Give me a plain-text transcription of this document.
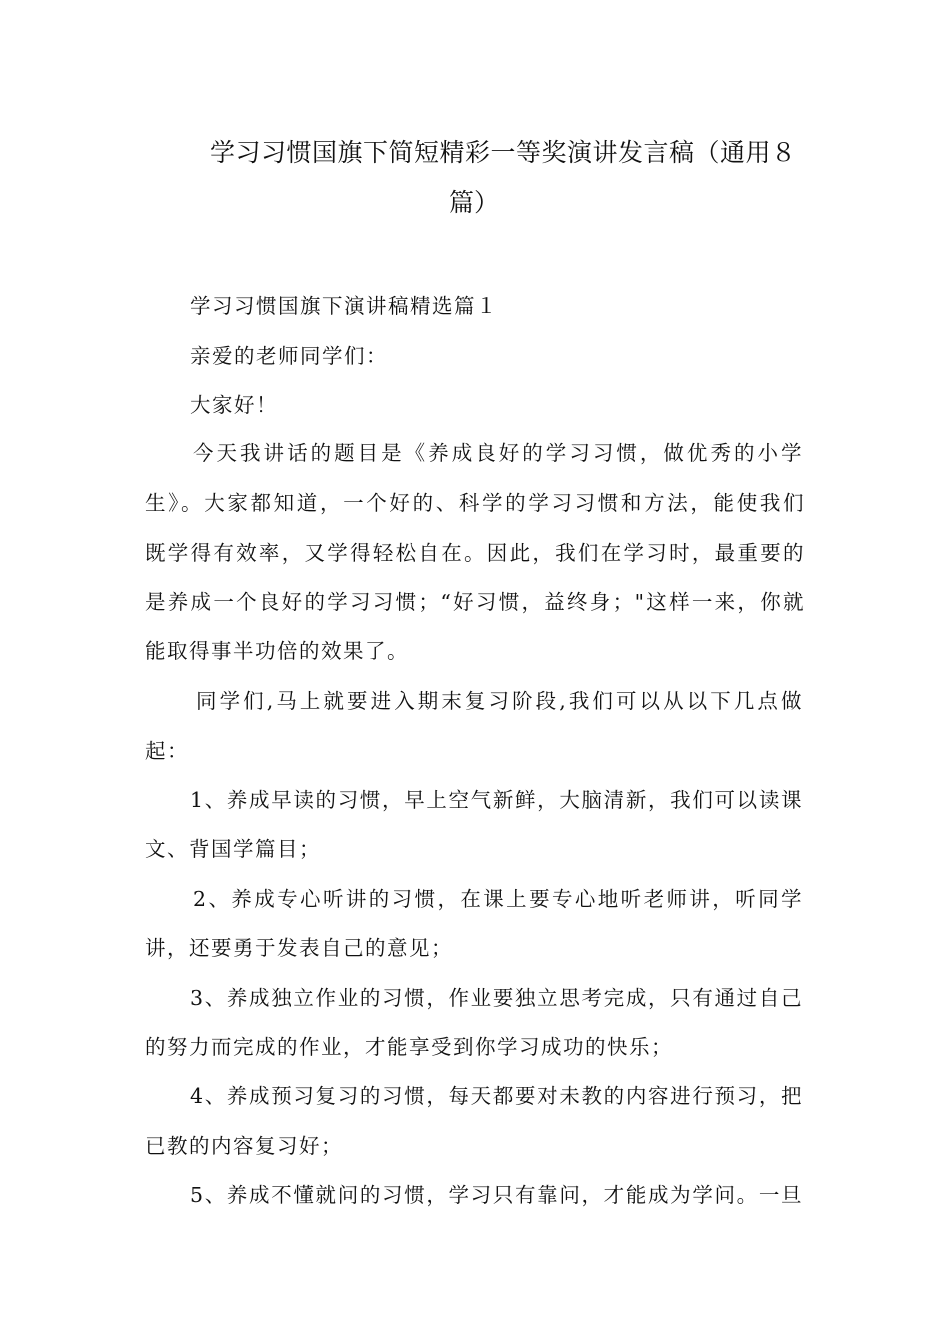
学习习惯国旗下简短精彩一等奖演讲发言稿（通用８
篇）
学习习惯国旗下演讲稿精选篇１
亲爱的老师同学们：
大家好！
今天我讲话的题目是《养成良好的学习习惯，做优秀的小学
生》。大家都知道，一个好的、科学的学习习惯和方法，能使我们
既学得有效率，又学得轻松自在。因此，我们在学习时，最重要的
是养成一个良好的学习习惯；“好习惯，益终身；"这样一来，你就
能取得事半功倍的效果了。
同学们,马上就要进入期末复习阶段,我们可以从以下几点做
起：
1、养成早读的习惯，早上空气新鲜，大脑清新，我们可以读课
文、背国学篇目；
2、养成专心听讲的习惯，在课上要专心地听老师讲，听同学
讲，还要勇于发表自己的意见；
3、养成独立作业的习惯，作业要独立思考完成，只有通过自己
的努力而完成的作业，才能享受到你学习成功的快乐；
4、养成预习复习的习惯，每天都要对未教的内容进行预习，把
已教的内容复习好；
5、养成不懂就问的习惯，学习只有靠问，才能成为学问。一旦
